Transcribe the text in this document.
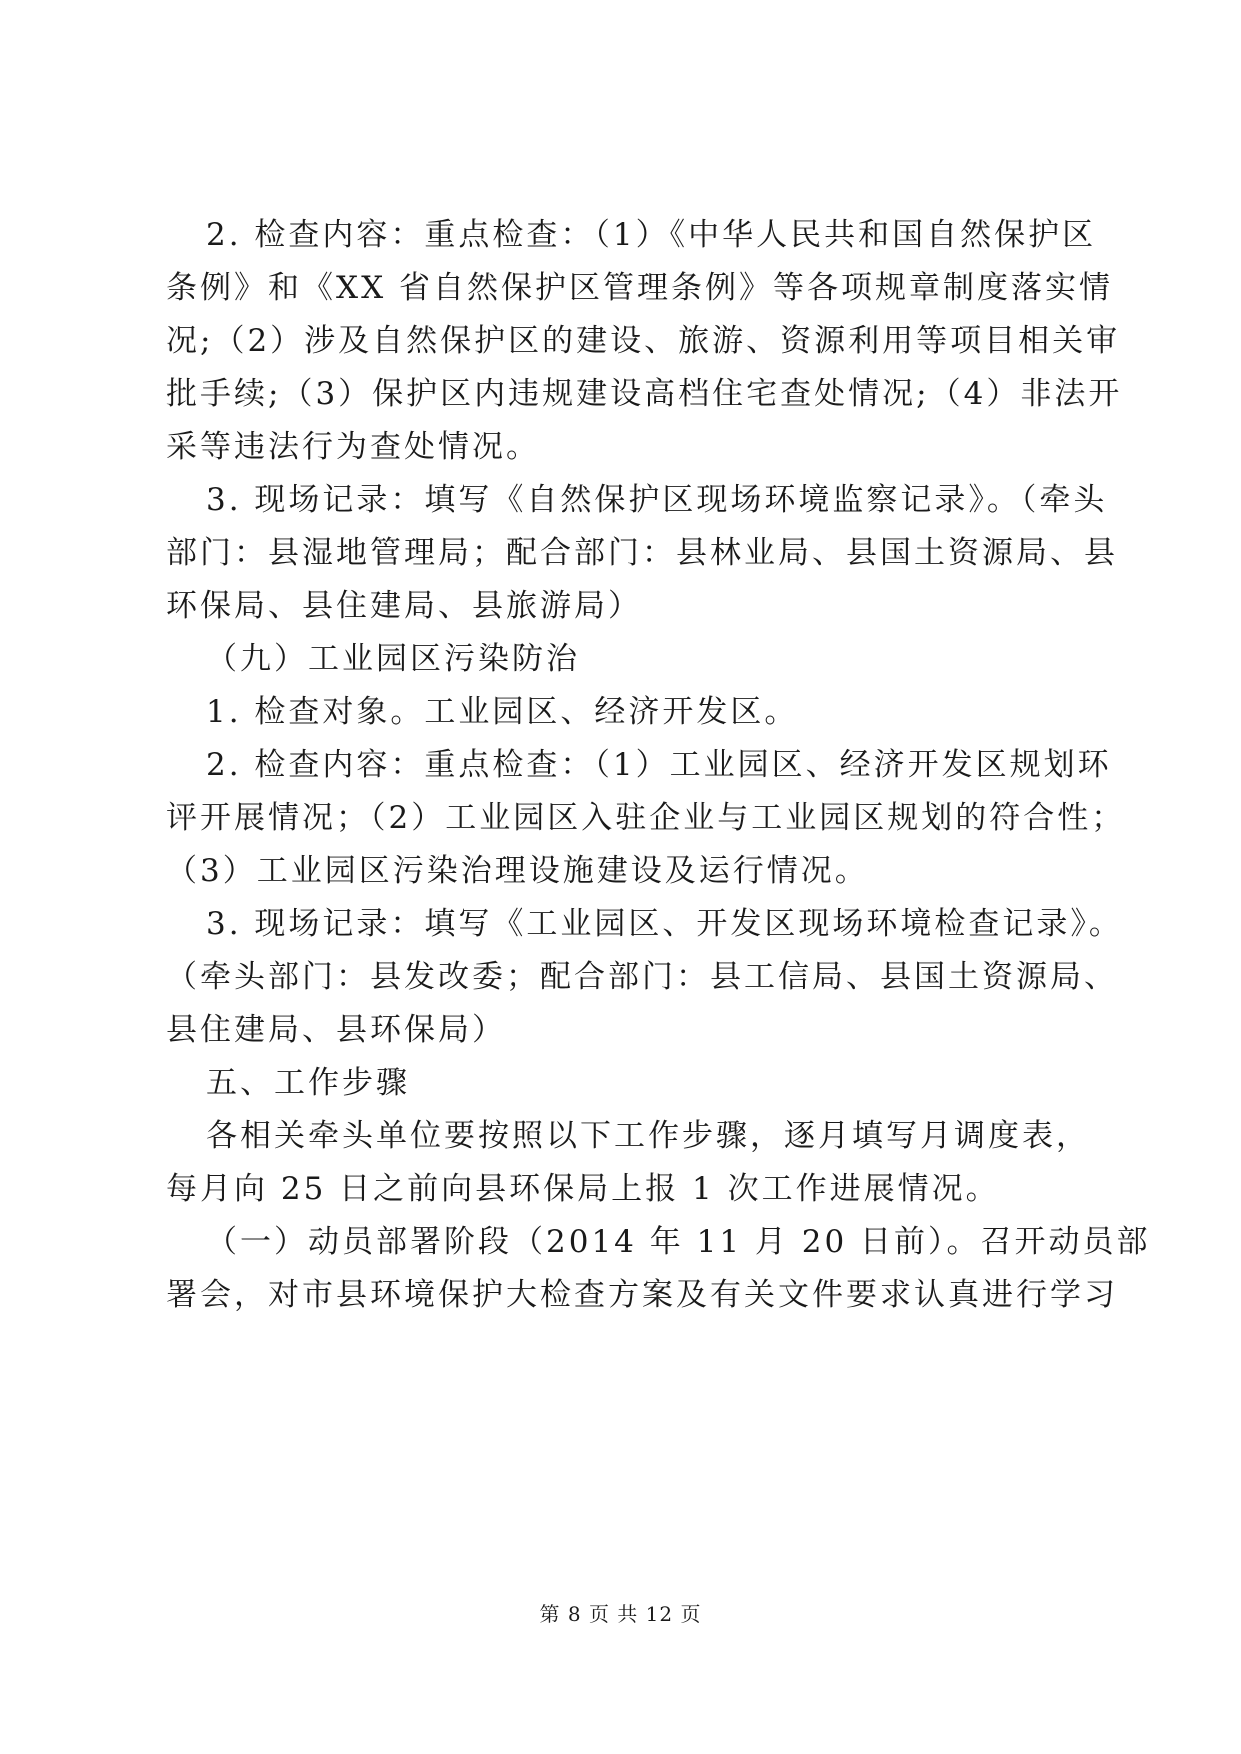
2. 检查内容：重点检查：（1）《中华人民共和国自然保护区
条例》和《XX 省自然保护区管理条例》等各项规章制度落实情
况;（2）涉及自然保护区的建设、旅游、资源利用等项目相关审
批手续;（3）保护区内违规建设高档住宅查处情况;（4）非法开
采等违法行为查处情况。
3. 现场记录：填写《自然保护区现场环境监察记录》。（牵头
部门：县湿地管理局；配合部门：县林业局、县国土资源局、县
环保局、县住建局、县旅游局）
（九）工业园区污染防治
1. 检查对象。工业园区、经济开发区。
2. 检查内容：重点检查：（1）工业园区、经济开发区规划环
评开展情况；（2）工业园区入驻企业与工业园区规划的符合性；
（3）工业园区污染治理设施建设及运行情况。
3. 现场记录：填写《工业园区、开发区现场环境检查记录》。
（牵头部门：县发改委；配合部门：县工信局、县国土资源局、
县住建局、县环保局）
五、工作步骤
各相关牵头单位要按照以下工作步骤，逐月填写月调度表，
每月向 25 日之前向县环保局上报 1 次工作进展情况。
（一）动员部署阶段（2014 年 11 月 20 日前）。召开动员部
署会，对市县环境保护大检查方案及有关文件要求认真进行学习
第 8 页 共 12 页
